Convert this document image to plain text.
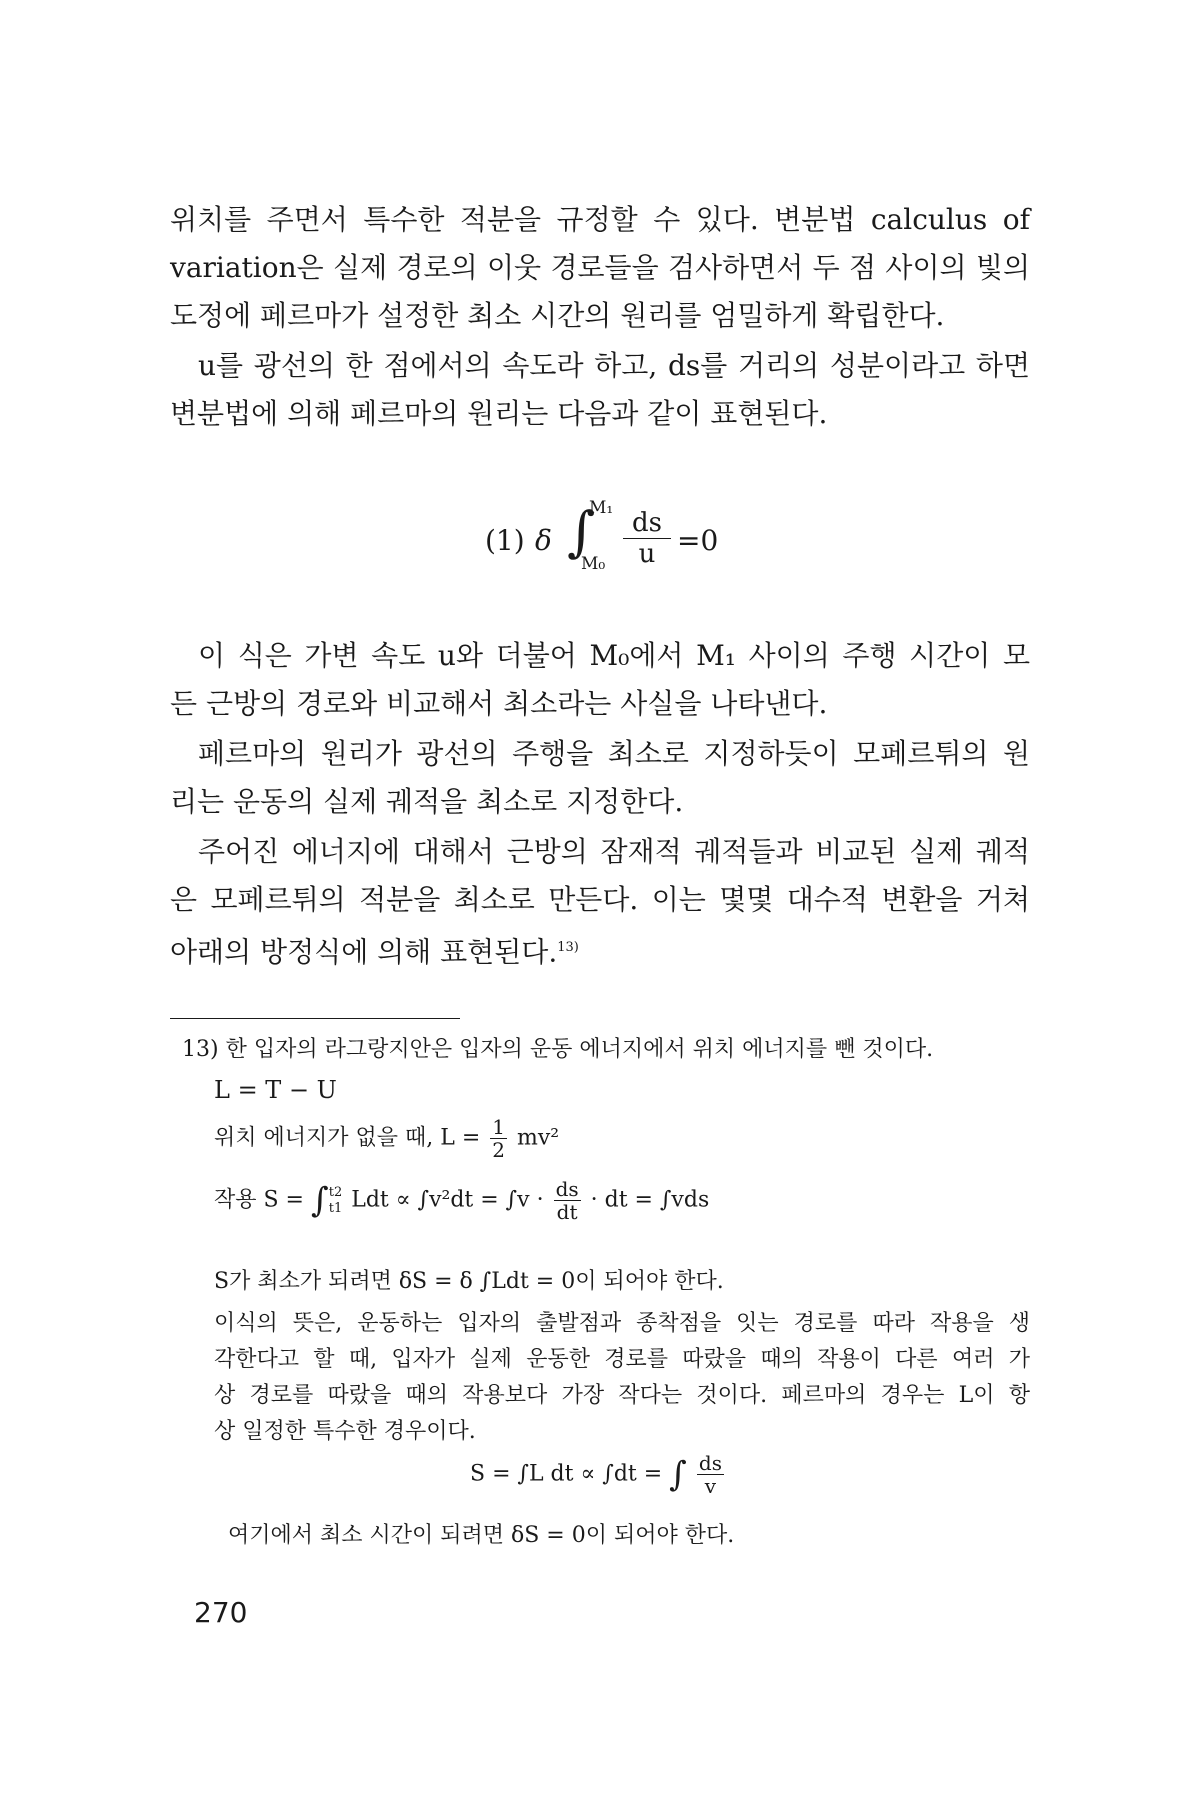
위치를 주면서 특수한 적분을 규정할 수 있다. 변분법 calculus of
variation은 실제 경로의 이웃 경로들을 검사하면서 두 점 사이의 빛의
도정에 페르마가 설정한 최소 시간의 원리를 엄밀하게 확립한다.
u를 광선의 한 점에서의 속도라 하고, ds를 거리의 성분이라고 하면
변분법에 의해 페르마의 원리는 다음과 같이 표현된다.
(1) δ ∫
M₁
$M_0 \frac{ds}{u} =0$
이 식은 가변 속도 u와 더불어 M₀에서 M₁ 사이의 주행 시간이 모
든 근방의 경로와 비교해서 최소라는 사실을 나타낸다.
페르마의 원리가 광선의 주행을 최소로 지정하듯이 모페르튀의 원
리는 운동의 실제 궤적을 최소로 지정한다.
주어진 에너지에 대해서 근방의 잠재적 궤적들과 비교된 실제 궤적
은 모페르튀의 적분을 최소로 만든다. 이는 몇몇 대수적 변환을 거쳐
아래의 방정식에 의해 표현된다.$^{13)}$
13) 한 입자의 라그랑지안은 입자의 운동 에너지에서 위치 에너지를 뺀 것이다.
L = T − U
위치 에너지가 없을 때, $L = \frac{1}{2} mv^2$
작용 S = ∫ t2
t1 Ldt ∝ $\int v^2dt = \int v \cdot \frac{ds}{dt}$ · dt = ∫vds
S가 최소가 되려면 δS = δ ∫Ldt = 0이 되어야 한다.
이식의 뜻은, 운동하는 입자의 출발점과 종착점을 잇는 경로를 따라 작용을 생
각한다고 할 때, 입자가 실제 운동한 경로를 따랐을 때의 작용이 다른 여러 가
상 경로를 따랐을 때의 작용보다 가장 작다는 것이다. 페르마의 경우는 L이 항
상 일정한 특수한 경우이다.
S = ∫L dt ∝ ∫dt = ∫ $\frac{ds}{v}$
여기에서 최소 시간이 되려면 δS = 0이 되어야 한다.
270
